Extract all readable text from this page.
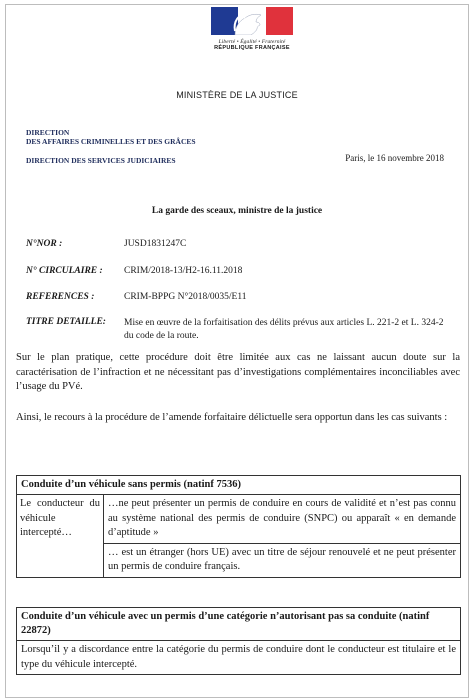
Liberté • Égalité • Fraternité
RÉPUBLIQUE FRANÇAISE
MINISTÈRE DE LA JUSTICE
DIRECTION
DES AFFAIRES CRIMINELLES ET DES GRÂCES
DIRECTION DES SERVICES JUDICIAIRES	Paris, le 16 novembre 2018
La garde des sceaux, ministre de la justice
N°NOR :	JUSD1831247C
N° CIRCULAIRE : CRIM/2018-13/H2-16.11.2018
REFERENCES :	CRIM-BPPG N°2018/0035/E11
TITRE DETAILLE: Mise en œuvre de la forfaitisation des délits prévus aux articles L. 221-2 et L. 324-2 du code de la route.
Sur le plan pratique, cette procédure doit être limitée aux cas ne laissant aucun doute sur la caractérisation de l’infraction et ne nécessitant pas d’investigations complémentaires inconciliables avec l’usage du PVé.
Ainsi, le recours à la procédure de l’amende forfaitaire délictuelle sera opportun dans les cas suivants :
Conduite d’un véhicule sans permis (natinf 7536)
Le conducteur du véhicule intercepté…
…ne peut présenter un permis de conduire en cours de validité et n’est pas connu au système national des permis de conduire (SNPC) ou apparaît « en demande d’aptitude »
… est un étranger (hors UE) avec un titre de séjour renouvelé et ne peut présenter un permis de conduire français.
Conduite d’un véhicule avec un permis d’une catégorie n’autorisant pas sa conduite (natinf 22872)
Lorsqu’il y a discordance entre la catégorie du permis de conduire dont le conducteur est titulaire et le type du véhicule intercepté.
